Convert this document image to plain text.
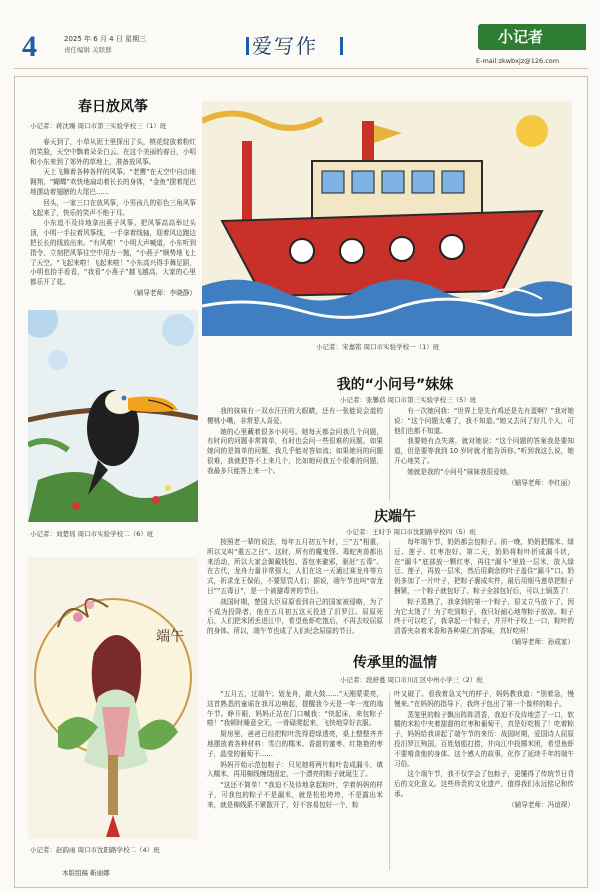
4	2025 年 6 月 4 日 星期三
责任编辑 关联群	爱写作	小记者
E-mail:zkwbxjz@126.com
春日放风筝
小记者：蒋沈臻 周口市第三实验学校三（1）班

春天到了，小草从泥土里探出了头，桃花绽放着粉红的笑脸，天空中飘着朵朵白云。在这个美丽的春日，小明和小东来到了郊外的草地上，准备放风筝。

天上飞舞着各种各样的风筝。“老鹰”在天空中自由地翱翔，“蝴蝶”欢快地扇动着长长的身体，“金鱼”摆着尾巴地摆动着翅膀的大尾巴……

回头，一家三口在放风筝，小男孩儿的彩色三角风筝飞起来了，快乐的笑声不绝于耳。

小东追不及待地拿出燕子风筝。把风筝高高举过头顶，小明一手拉着风筝线，一手拿着线轴，迎着风边跑边把长长的线放出来。“有风啦！”小明大声喊道，小东听到指令，立刻把风筝往空中用力一抛，“小燕子”顺势地飞上了天空。“飞起来啦！飞起来啦！”小东高兴得手舞足蹈，小明也抬手看看，“我看”小燕子”越飞越高，大家的心里都乐开了花。

（辅导老师：李晓静）
小记者：刘楚瑶 周口市实验学校二（6）班
端午
小记者：赵韵雨 周口市沈阳路学校二（4）班
本版组稿 靳丽娜
小记者：宋嘉铭 周口市实验学校一（1）班
我的“小问号”妹妹
小记者：张馨蓓 周口市第三实验学校三（5）班

我的妹妹有一双水汪汪的大眼睛，还有一张能说会道的樱桃小嘴，非常惹人喜爱。

她的心里藏着很多小问号。她每天都会问我几个问题，有时问的问题非常简单，有时也会问一些很难的问题。如果她问的是简单的问题，我几乎能对答如流；如果她问的问题很难，我就把答不上来几个，比如她问我五个很难的问题，我最多只能答上来一个。

有一次她问我：“世界上是先有鸡还是先有蛋啊？”我对她说：“这个问题太难了，我不知道。”她又去问了好几个人，可他们也都不知道。

我要她有点失落，就对她说：“这个问题的答案我是要知道，但是要等我到 10 岁时就才能告诉你。”听到我这么说，她开心地笑了。

她就是我的“小问号”妹妹我很爱她。

（辅导老师：李红丽）
庆端午
小记者：王时予 周口市沈阳路学校四（5）班

按照老一辈的说法，每年五月初五午时，三“五”相重，所以又叫“重五之日”。这时，所有的魔鬼怪、毒蛇害兽都出来活动，所以大家会佩戴钱包、香包来避邪，驱赶“五毒”。在古代，龙舟力量非常强大，人们在这一天通过赛龙舟等方式，祈求龙王保佑，不要惩罚人们；据说，端午节也叫“帝龙日”“五毒日”，是一个被避毒害的节日。

战国时期，楚国大臣屈原看到自己的国家被侵略，为了不成为投降者，他在五月初五这天投进了汨罗江。屈原死后，人们把米团丢进江中，希望鱼虾吃饱后，不再去咬屈原的身体。所以，端午节也成了人们纪念屈原的节日。

每年端午节，奶奶都会包粽子。前一晚，奶奶把糯米、绿豆、莲子、红枣泡好。第二天，奶奶将粽叶折成漏斗状，在“漏斗”底部放一颗红枣，再往“漏斗”里放一层米，放入绿豆、莲子，再放一层米，然后用剩余的叶子盖住“漏斗”口。奶奶多加了一片叶子，把粽子裹成实件，最后用细马莲草把粽子捆紧，一个粽子就包好了。粽子全部包好后，可以上锅蒸了！

粽子蒸熟了，我拿到的第一个粽子，很又立马放下了，因为它太烫了！为了吃到粽子，我只好耐心地等粽子放凉。粽子终于可以吃了，我拿起一个粽子，并开叶子咬上一口，粽叶的清香夹杂着米香和各种果仁的香味，真好吃呀！

（辅导老师：孙成家）
传承里的温情
小记者：段舒蔓 周口市川汇区中州小学三（2）班

“五月五，过端午；划龙舟，敲大鼓……”天刚蒙蒙亮，这首熟悉的童谣在我耳边响起，提醒我今天是一年一度的端午节。睁开眼，妈妈正站在门口喊我：“快起床，来包粽子啦！”我顿时睡意全无，一骨碌爬起来，飞快地穿好衣服。

厨房里，爸爸已经把粽叶洗得碧绿透亮，桌上整整齐齐地摆放着各种材料：雪白的糯米、香甜的蜜枣、红艳艳的枣子，晶莹的葡萄干……

妈妈开始示范包粽子：只见她将两片粽叶卷成漏斗，填入糯米，再用棉线缠绕固定，一个漂亮的粽子就诞生了。

“这还不简单！”我迫不及待地拿起粽叶，学着妈妈的样子，可我包的粽子不是漏米，就是松松垮垮，不是露出米来，就是棉线系不紧散开了，好不容易包好一个，粽

叶又破了。看我着急又气的样子，妈妈教我道：“别着急，慢慢来。”在妈妈的指导下，我终于包出了第一个像样的粽子。

蒸笼里的粽子飘出阵阵清香，我迫不及待地尝了一口，软糯的米粒中夹着甜甜的红枣和葡萄干，真是好吃极了！吃着粽子，妈妈给我讲起了端午节的来历：战国时期，爱国诗人屈原投汨罗江殉国，百姓划船打捞，并向江中投掷米团，希望鱼虾不要啃食他的身体。这个感人的故事，化作了延续千年的端午习俗。

这个端午节，我不仅学会了包粽子，更懂得了传统节日背后的文化意义。这些珍贵的文化遗产，值得我们永远铭记和传承。

（辅导老师：冯谊琛）
